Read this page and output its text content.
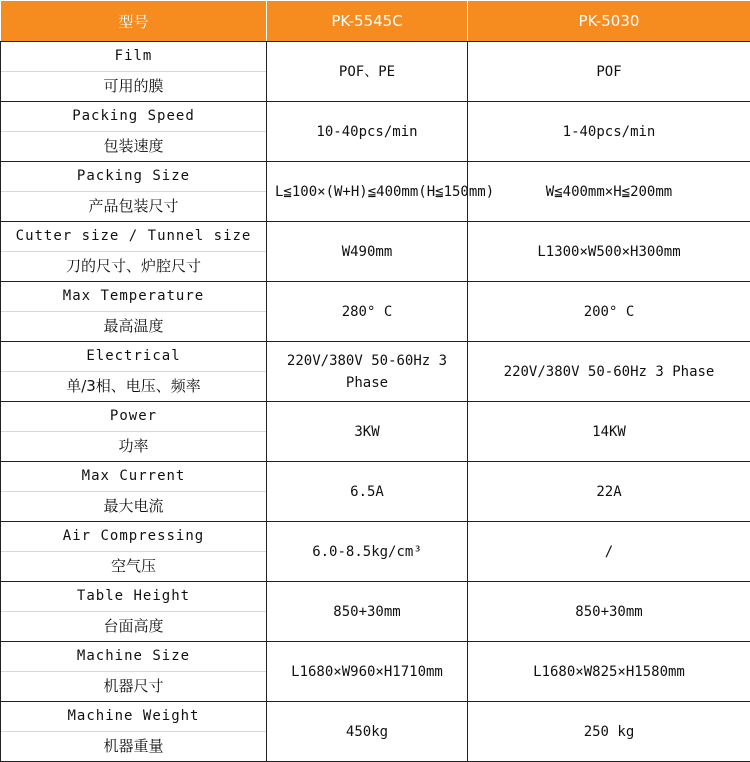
型号	PK-5545C	PK-5030

Film
可用的膜	POF、PE	POF

Packing Speed
包装速度	10-40pcs/min	1-40pcs/min

Packing Size
产品包装尺寸	L≦100×(W+H)≦400mm(H≦150mm)	W≦400mm×H≦200mm

Cutter size / Tunnel size
刀的尺寸、炉腔尺寸	W490mm	L1300×W500×H300mm

Max Temperature
最高温度	280° C	200° C

Electrical
单/3相、电压、频率	220V/380V 50-60Hz 3 Phase	220V/380V 50-60Hz 3 Phase

Power
功率	3KW	14KW

Max Current
最大电流	6.5A	22A

Air Compressing
空气压	6.0-8.5kg/cm³	/

Table Height
台面高度	850+30mm	850+30mm

Machine Size
机器尺寸	L1680×W960×H1710mm	L1680×W825×H1580mm

Machine Weight
机器重量	450kg	250 kg
